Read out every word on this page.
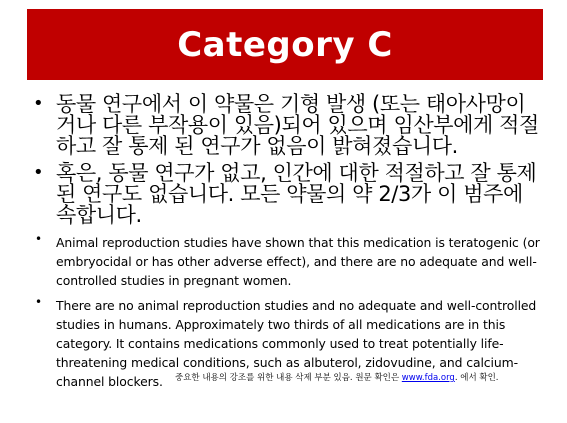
Category C
• 동물 연구에서 이 약물은 기형 발생 (또는 태아사망이거나 다른 부작용이 있음)되어 있으며 임산부에게 적절하고 잘 통제 된 연구가 없음이 밝혀졌습니다.
• 혹은, 동물 연구가 없고, 인간에 대한 적절하고 잘 통제 된 연구도 없습니다. 모든 약물의 약 2/3가 이 범주에 속합니다.
• Animal reproduction studies have shown that this medication is teratogenic (or embryocidal or has other adverse effect), and there are no adequate and well-controlled studies in pregnant women.
• There are no animal reproduction studies and no adequate and well-controlled studies in humans. Approximately two thirds of all medications are in this category. It contains medications commonly used to treat potentially life- threatening medical conditions, such as albuterol, zidovudine, and calcium-channel blockers.	중요한 내용의 강조를 위한 내용 삭제 부분 있음. 원문 확인은 www.fda.org. 에서 확인.
